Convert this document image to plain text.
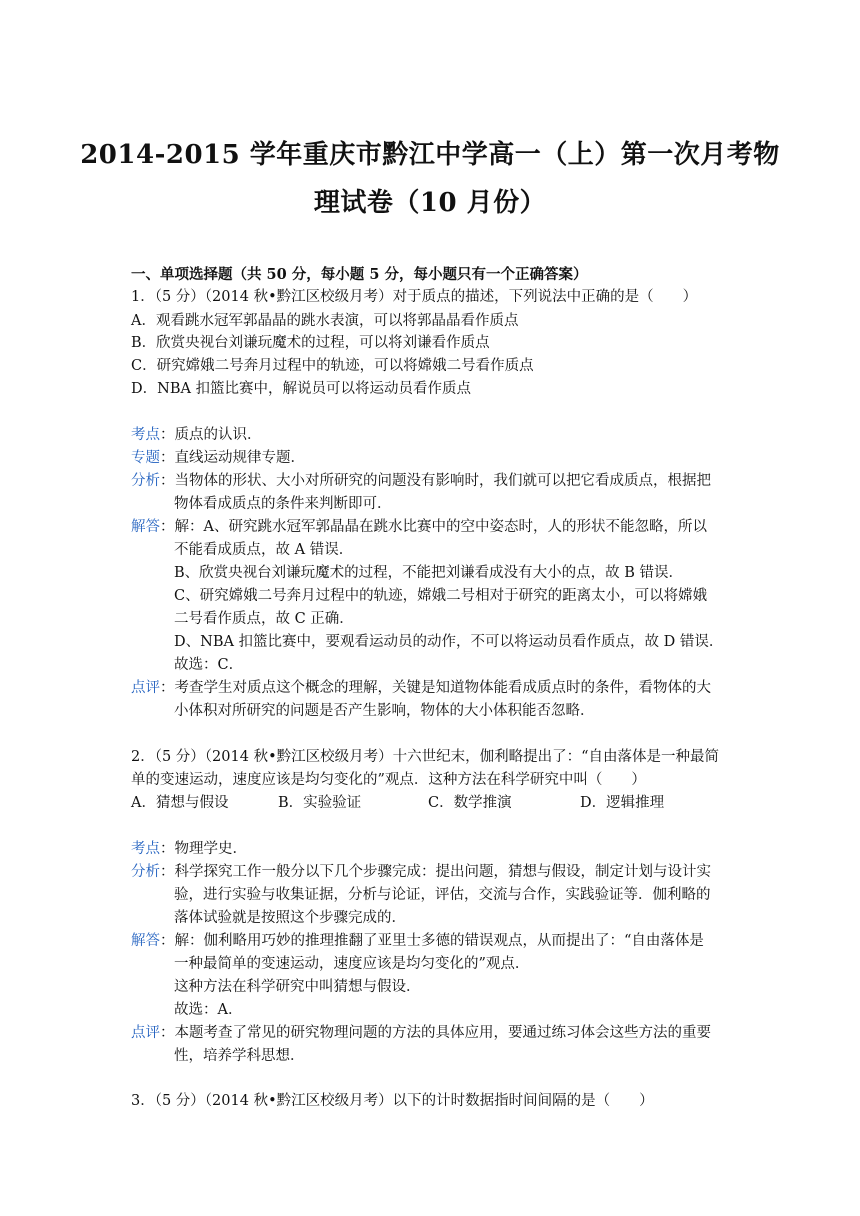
2014-2015 学年重庆市黔江中学高一（上）第一次月考物
理试卷（10 月份）
一、单项选择题（共 50 分，每小题 5 分，每小题只有一个正确答案）
1．（5 分）（2014 秋•黔江区校级月考）对于质点的描述，下列说法中正确的是（　　）
A．观看跳水冠军郭晶晶的跳水表演，可以将郭晶晶看作质点
B．欣赏央视台刘谦玩魔术的过程，可以将刘谦看作质点
C．研究嫦娥二号奔月过程中的轨迹，可以将嫦娥二号看作质点
D．NBA 扣篮比赛中，解说员可以将运动员看作质点
考点：质点的认识．
专题：直线运动规律专题．
分析：当物体的形状、大小对所研究的问题没有影响时，我们就可以把它看成质点，根据把
物体看成质点的条件来判断即可．
解答：解：A、研究跳水冠军郭晶晶在跳水比赛中的空中姿态时，人的形状不能忽略，所以
不能看成质点，故 A 错误．
B、欣赏央视台刘谦玩魔术的过程，不能把刘谦看成没有大小的点，故 B 错误．
C、研究嫦娥二号奔月过程中的轨迹，嫦娥二号相对于研究的距离太小，可以将嫦娥
二号看作质点，故 C 正确．
D、NBA 扣篮比赛中，要观看运动员的动作，不可以将运动员看作质点，故 D 错误．
故选：C．
点评：考查学生对质点这个概念的理解，关键是知道物体能看成质点时的条件，看物体的大
小体积对所研究的问题是否产生影响，物体的大小体积能否忽略．
2．（5 分）（2014 秋•黔江区校级月考）十六世纪末，伽利略提出了：“自由落体是一种最简
单的变速运动，速度应该是均匀变化的”观点．这种方法在科学研究中叫（　　）
A．猜想与假设	B．实验验证	C．数学推演	D．逻辑推理
考点：物理学史．
分析：科学探究工作一般分以下几个步骤完成：提出问题，猜想与假设，制定计划与设计实
验，进行实验与收集证据，分析与论证，评估，交流与合作，实践验证等．伽利略的
落体试验就是按照这个步骤完成的．
解答：解：伽利略用巧妙的推理推翻了亚里士多德的错误观点，从而提出了：“自由落体是
一种最简单的变速运动，速度应该是均匀变化的”观点．
这种方法在科学研究中叫猜想与假设．
故选：A．
点评：本题考查了常见的研究物理问题的方法的具体应用，要通过练习体会这些方法的重要
性，培养学科思想．
3．（5 分）（2014 秋•黔江区校级月考）以下的计时数据指时间间隔的是（　　）
